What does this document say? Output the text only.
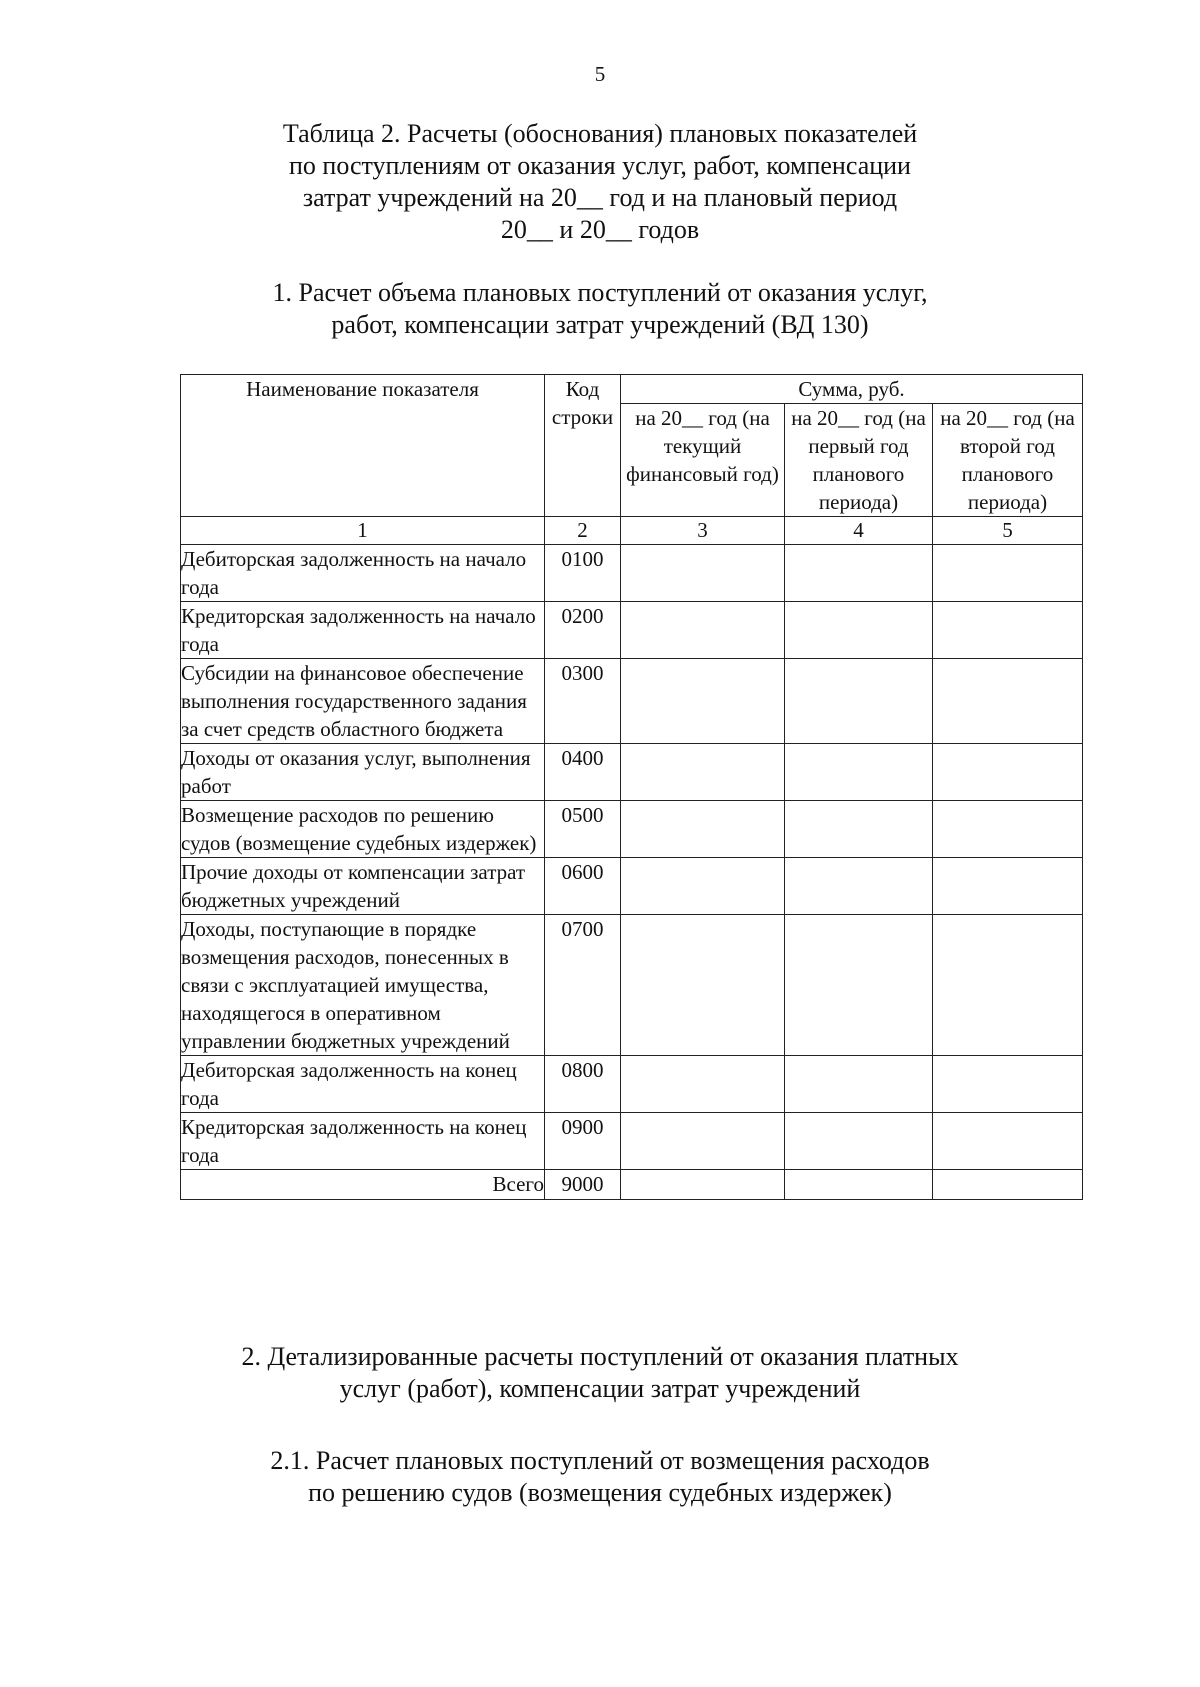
5
Таблица 2. Расчеты (обоснования) плановых показателей
по поступлениям от оказания услуг, работ, компенсации
затрат учреждений на 20__ год и на плановый период
20__ и 20__ годов
1. Расчет объема плановых поступлений от оказания услуг,
работ, компенсации затрат учреждений (ВД 130)
Наименование показателя	Код строки	Сумма, руб.		
		на 20__ год (на текущий финансовый год)	на 20__ год (на первый год планового периода)	на 20__ год (на второй год планового периода)
1	2	3	4	5
Дебиторская задолженность на начало года	0100			
Кредиторская задолженность на начало года	0200			
Субсидии на финансовое обеспечение выполнения государственного задания за счет средств областного бюджета	0300			
Доходы от оказания услуг, выполнения работ	0400			
Возмещение расходов по решению судов (возмещение судебных издержек)	0500			
Прочие доходы от компенсации затрат бюджетных учреждений	0600			
Доходы, поступающие в порядке возмещения расходов, понесенных в связи с эксплуатацией имущества, находящегося в оперативном управлении бюджетных учреждений	0700			
Дебиторская задолженность на конец года	0800			
Кредиторская задолженность на конец года	0900			
Всего	9000			
2. Детализированные расчеты поступлений от оказания платных
услуг (работ), компенсации затрат учреждений
2.1. Расчет плановых поступлений от возмещения расходов
по решению судов (возмещения судебных издержек)
